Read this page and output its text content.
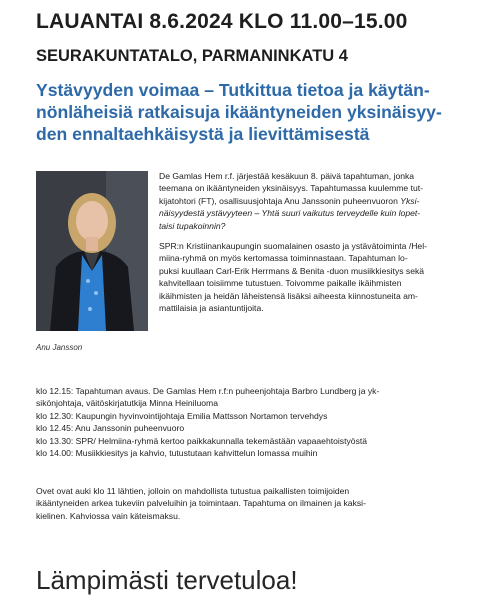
LAUANTAI 8.6.2024 KLO 11.00–15.00
SEURAKUNTATALO, PARMANINKATU 4
Ystävyyden voimaa – Tutkittua tietoa ja käytän-
nönläheisiä ratkaisuja ikääntyneiden yksinäisyy-
den ennaltaehkäisystä ja lievittämisestä
Anu Jansson

De Gamlas Hem r.f. järjestää kesäkuun 8. päivä tapahtuman, jonka
teemana on ikääntyneiden yksinäisyys. Tapahtumassa kuulemme tut-
kijatohtori (FT), osallisuusjohtaja Anu Janssonin puheenvuoron Yksi-
näisyydestä ystävyyteen – Yhtä suuri vaikutus terveydelle kuin lopet-
taisi tupakoinnin?

SPR:n Kristiinankaupungin suomalainen osasto ja ystävätoiminta /Hel-
miina-ryhmä on myös kertomassa toiminnastaan. Tapahtuman lo-
puksi kuullaan Carl-Erik Herrmans & Benita -duon musiikkiesitys sekä
kahvitellaan toisiimme tutustuen. Toivomme paikalle ikäihmisten
ikäihmisten ja heidän läheistensä lisäksi aiheesta kiinnostuneita am-
mattilaisia ja asiantuntijoita.

klo 12.15: Tapahtuman avaus. De Gamlas Hem r.f:n puheenjohtaja Barbro Lundberg ja yk-
sikönjohtaja, väitöskirjatutkija Minna Heiniluoma
klo 12.30: Kaupungin hyvinvointijohtaja Emilia Mattsson Nortamon tervehdys
klo 12.45: Anu Janssonin puheenvuoro
klo 13.30: SPR/ Helmiina-ryhmä kertoo paikkakunnalla tekemästään vapaaehtoistyöstä
klo 14.00: Musiikkiesitys ja kahvio, tutustutaan kahvittelun lomassa muihin
Ovet ovat auki klo 11 lähtien, jolloin on mahdollista tutustua paikallisten toimijoiden
ikääntyneiden arkea tukeviin palveluihin ja toimintaan. Tapahtuma on ilmainen ja kaksi-
kielinen. Kahviossa vain käteismaksu.
Lämpimästi tervetuloa!
